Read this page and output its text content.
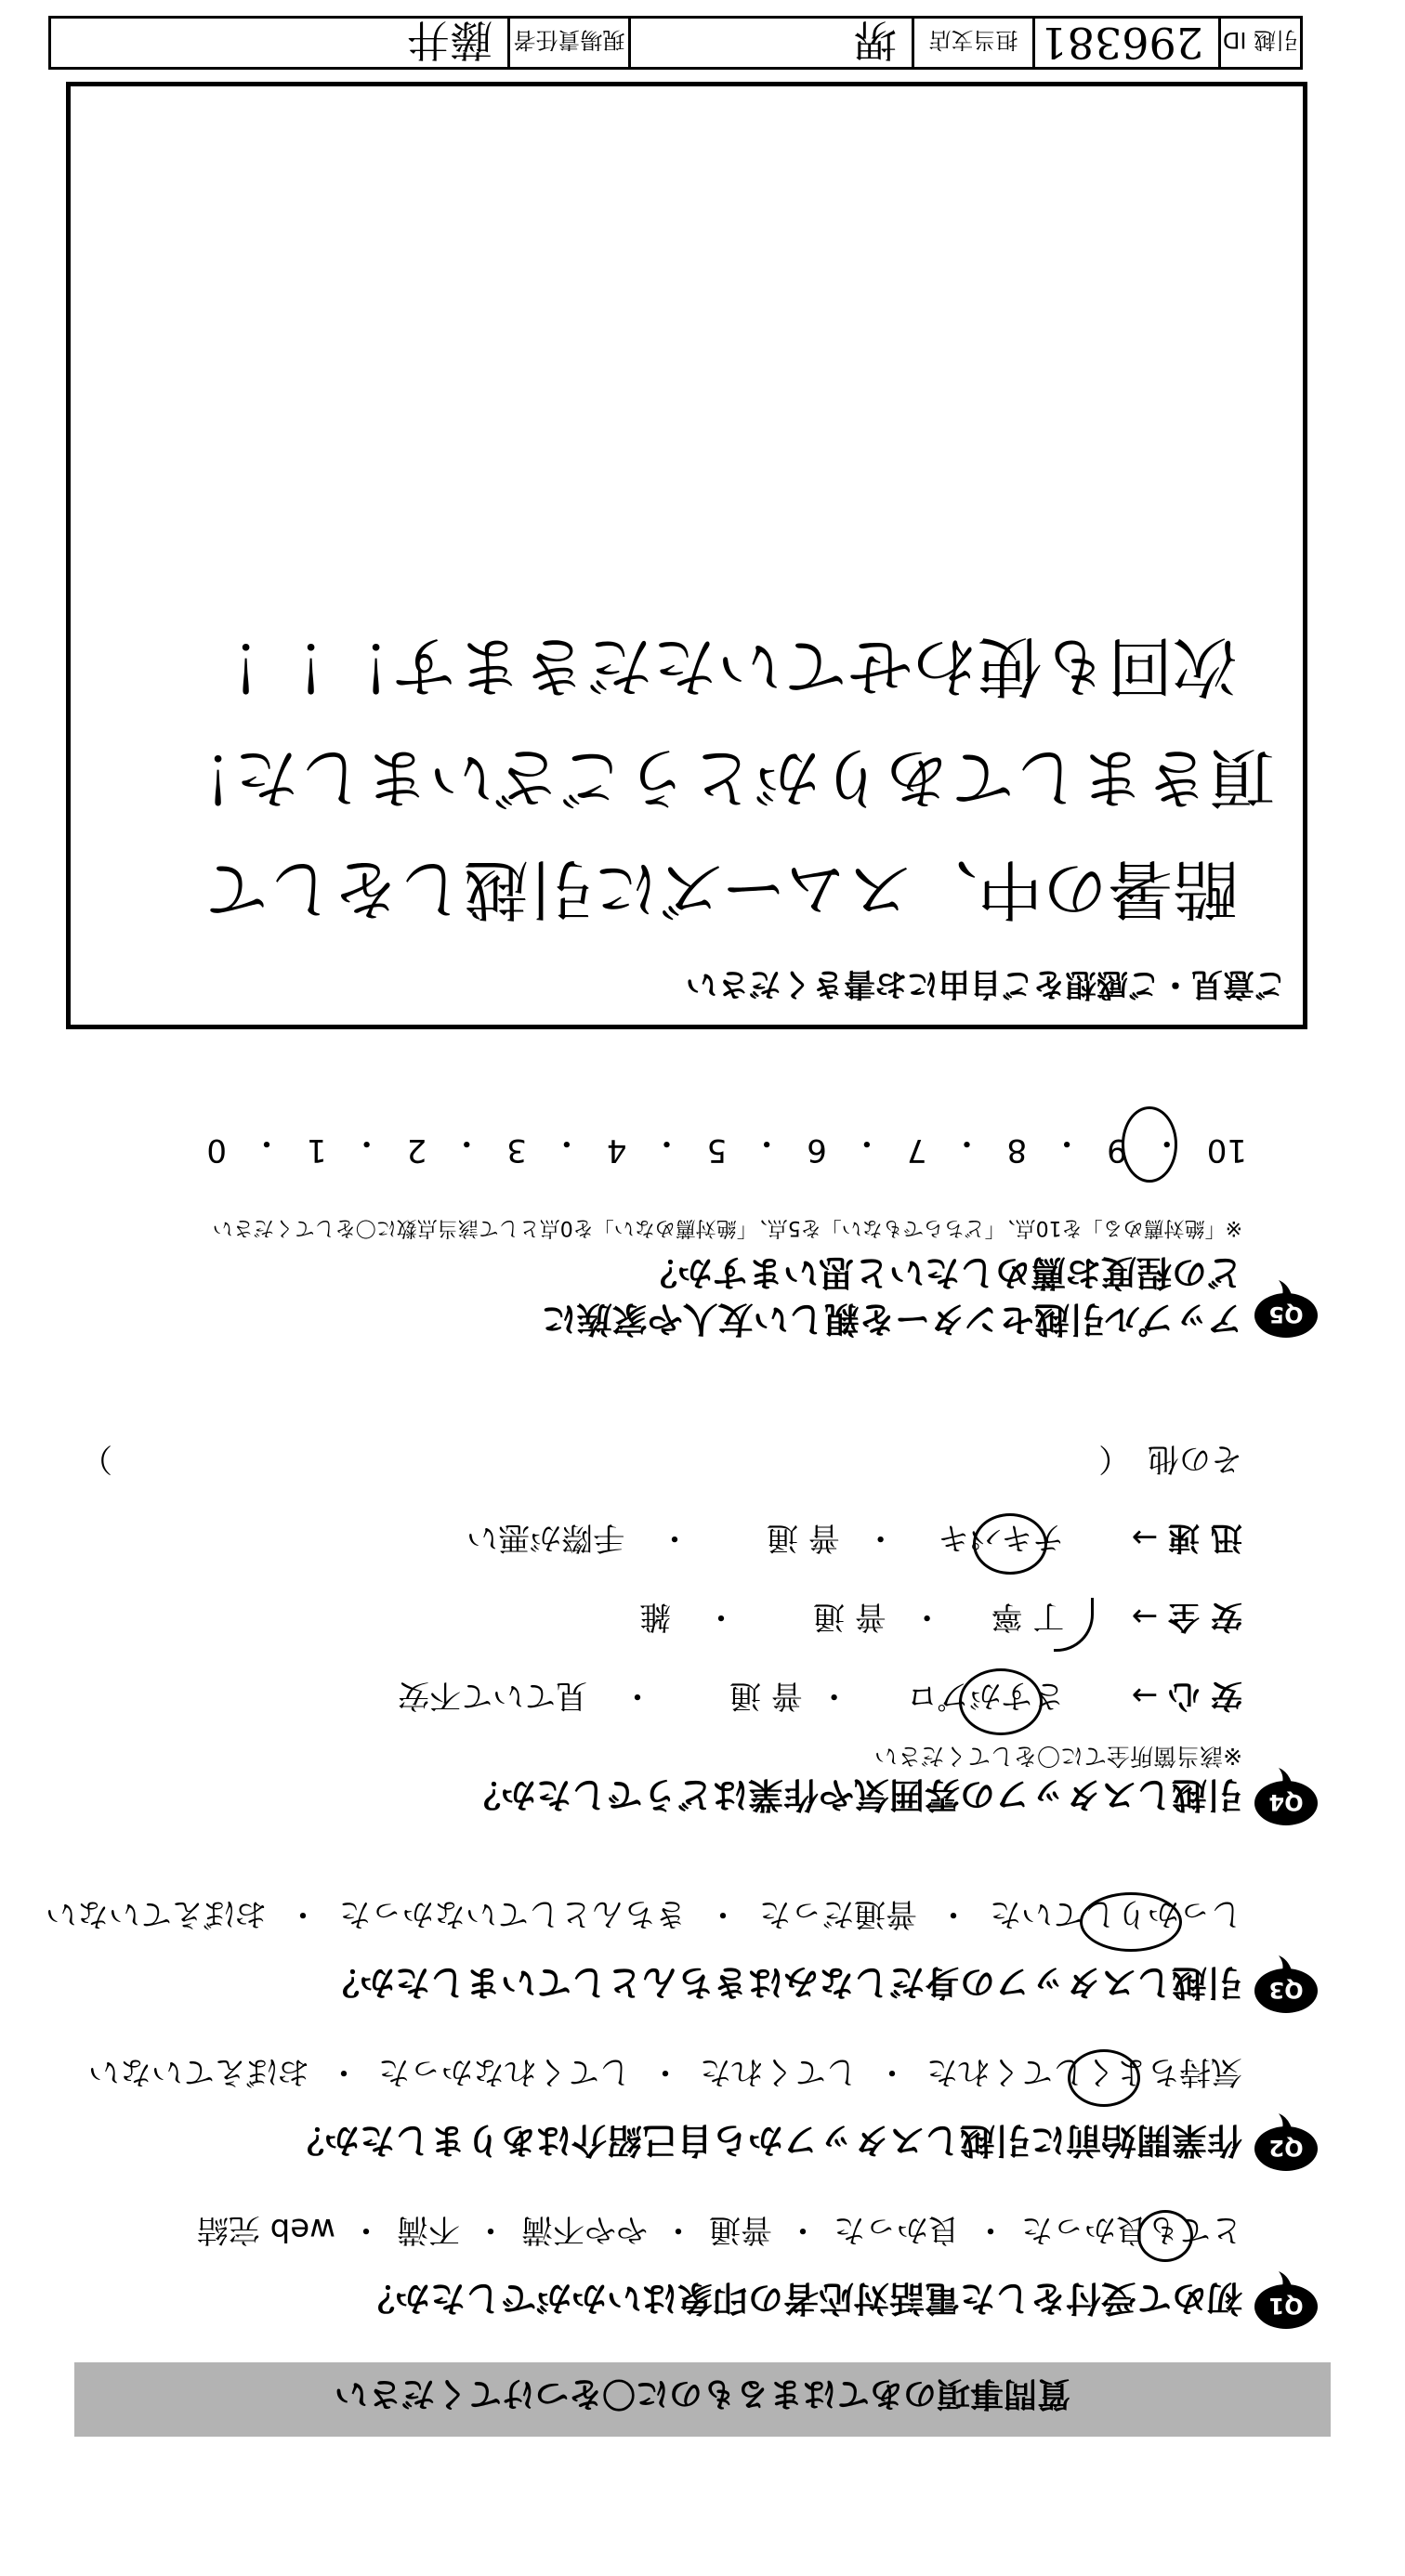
質問事項のあてはまるものに〇をつけてください
Q1
初めて受付をした電話対応者の印象はいかがでしたか？
とても良かった
・
良かった
・
普通
・
やや不満
・
不満
・
web 完結
Q2
作業開始前に引越しスタッフから自己紹介はありましたか？
気持ちよくしてくれた
・
してくれた
・
してくれなかった
・
おぼえていない
Q3
引越しスタッフの身だしなみはきちんとしていましたか？
しっかりしていた
・
普通だった
・
きちんとしていなかった
・
おぼえていない
Q4
引越しスタッフの雰囲気や作業はどうでしたか？
※該当箇所全てに〇をしてください
安 心 → さすがプロ ・ 普 通 ・ 見ていて不安
安 全 → 丁 寧 ・ 普 通 ・ 雑
迅 速 → テキパキ ・ 普 通 ・ 手際が悪い
その他 （
）
Q5
アップル引越センターを親しい友人や家族に
どの程度お薦めしたいと思いますか？
※「絶対薦める」を10点、「どちらでもない」を5点、「絶対薦めない」を0点として該当点数に〇をしてください
10
・
9
・
8
・
7
・
6
・
5
・
4
・
3
・
2
・
1
・
0
ご意見・ご感想をご自由にお書きください
酷暑の中、スムーズに引越しをして
頂きましてありがとうございました！
次回も使わせていただきます！！！
引越 ID
296381
担当支店
堺
現場責任者
藤井
